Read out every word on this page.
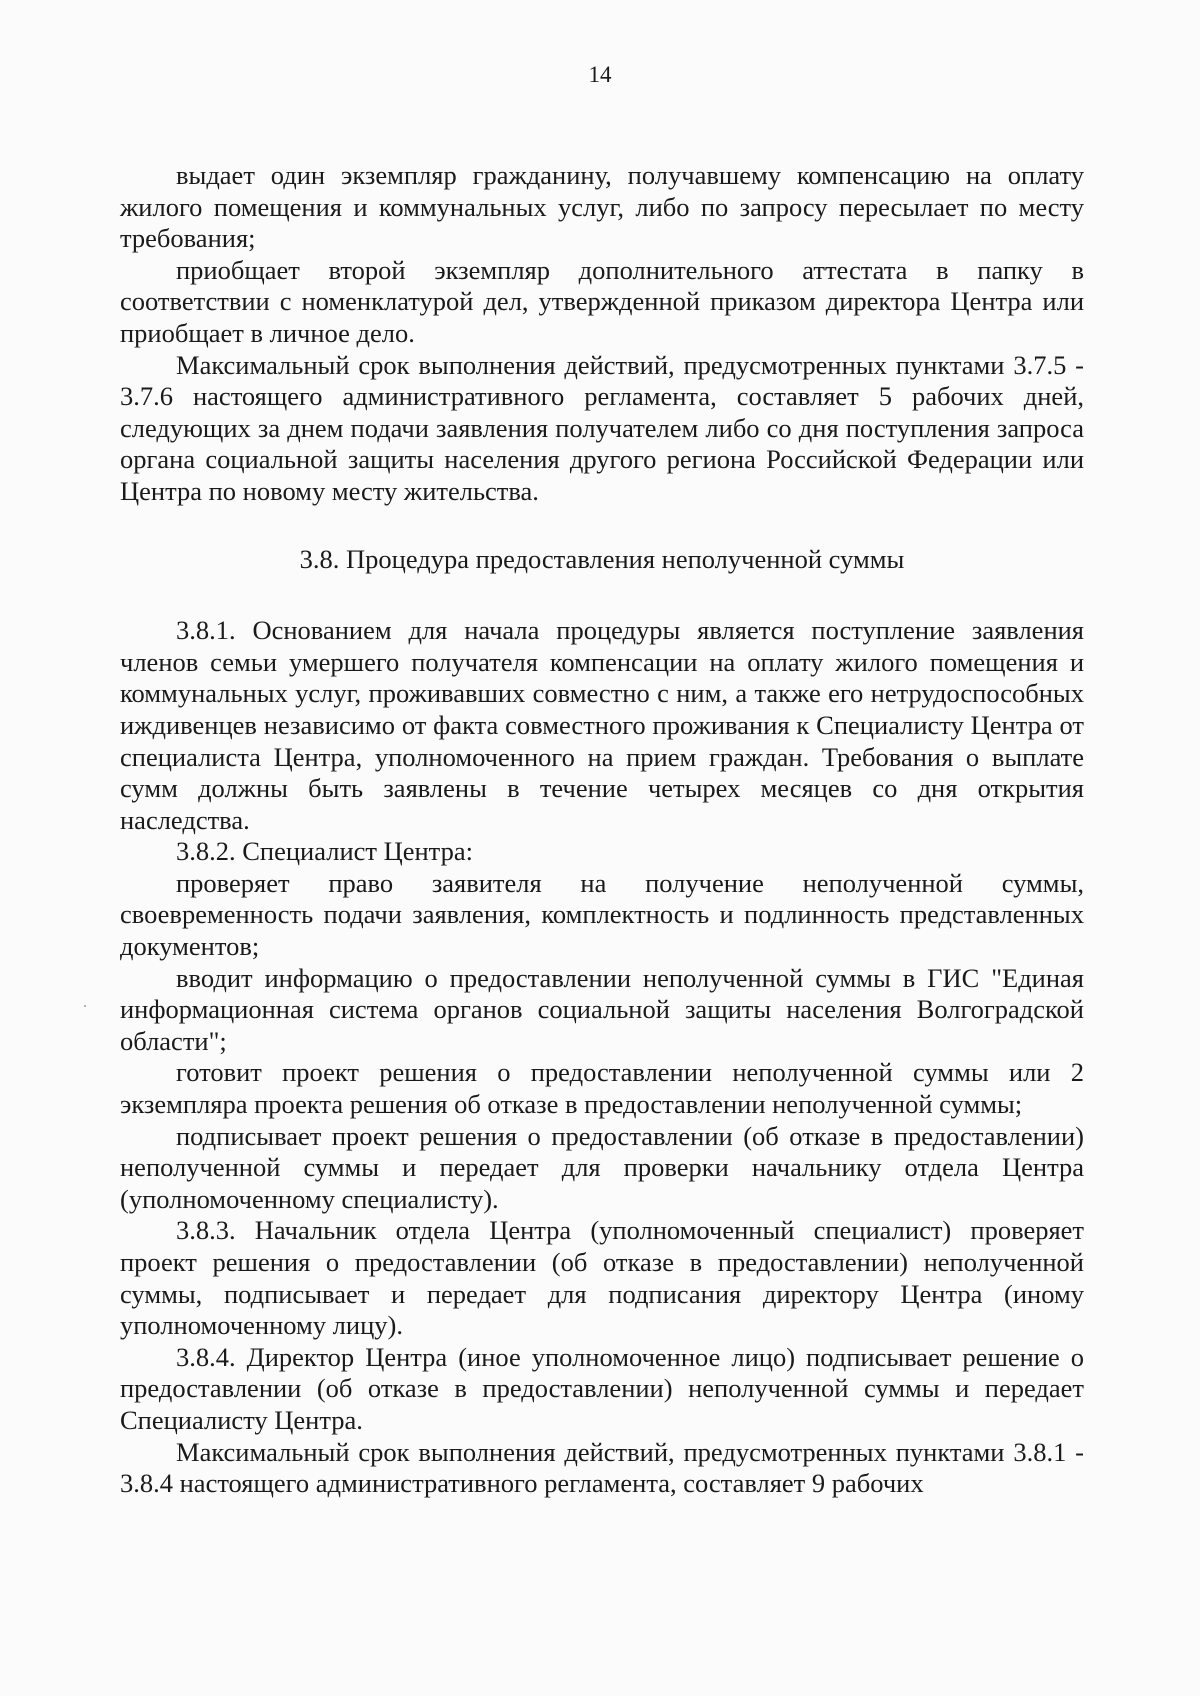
14

выдает один экземпляр гражданину, получавшему компенсацию на оплату жилого помещения и коммунальных услуг, либо по запросу пересылает по месту требования;

приобщает второй экземпляр дополнительного аттестата в папку в соответствии с номенклатурой дел, утвержденной приказом директора Центра или приобщает в личное дело.

Максимальный срок выполнения действий, предусмотренных пунктами 3.7.5 - 3.7.6 настоящего административного регламента, составляет 5 рабочих дней, следующих за днем подачи заявления получателем либо со дня поступления запроса органа социальной защиты населения другого региона Российской Федерации или Центра по новому месту жительства.

3.8. Процедура предоставления неполученной суммы

3.8.1. Основанием для начала процедуры является поступление заявления членов семьи умершего получателя компенсации на оплату жилого помещения и коммунальных услуг, проживавших совместно с ним, а также его нетрудоспособных иждивенцев независимо от факта совместного проживания к Специалисту Центра от специалиста Центра, уполномоченного на прием граждан. Требования о выплате сумм должны быть заявлены в течение четырех месяцев со дня открытия наследства.

3.8.2. Специалист Центра:

проверяет право заявителя на получение неполученной суммы, своевременность подачи заявления, комплектность и подлинность представленных документов;

вводит информацию о предоставлении неполученной суммы в ГИС "Единая информационная система органов социальной защиты населения Волгоградской области";

готовит проект решения о предоставлении неполученной суммы или 2 экземпляра проекта решения об отказе в предоставлении неполученной суммы;

подписывает проект решения о предоставлении (об отказе в предоставлении) неполученной суммы и передает для проверки начальнику отдела Центра (уполномоченному специалисту).

3.8.3. Начальник отдела Центра (уполномоченный специалист) проверяет проект решения о предоставлении (об отказе в предоставлении) неполученной суммы, подписывает и передает для подписания директору Центра (иному уполномоченному лицу).

3.8.4. Директор Центра (иное уполномоченное лицо) подписывает решение о предоставлении (об отказе в предоставлении) неполученной суммы и передает Специалисту Центра.

Максимальный срок выполнения действий, предусмотренных пунктами 3.8.1 - 3.8.4 настоящего административного регламента, составляет 9 рабочих
